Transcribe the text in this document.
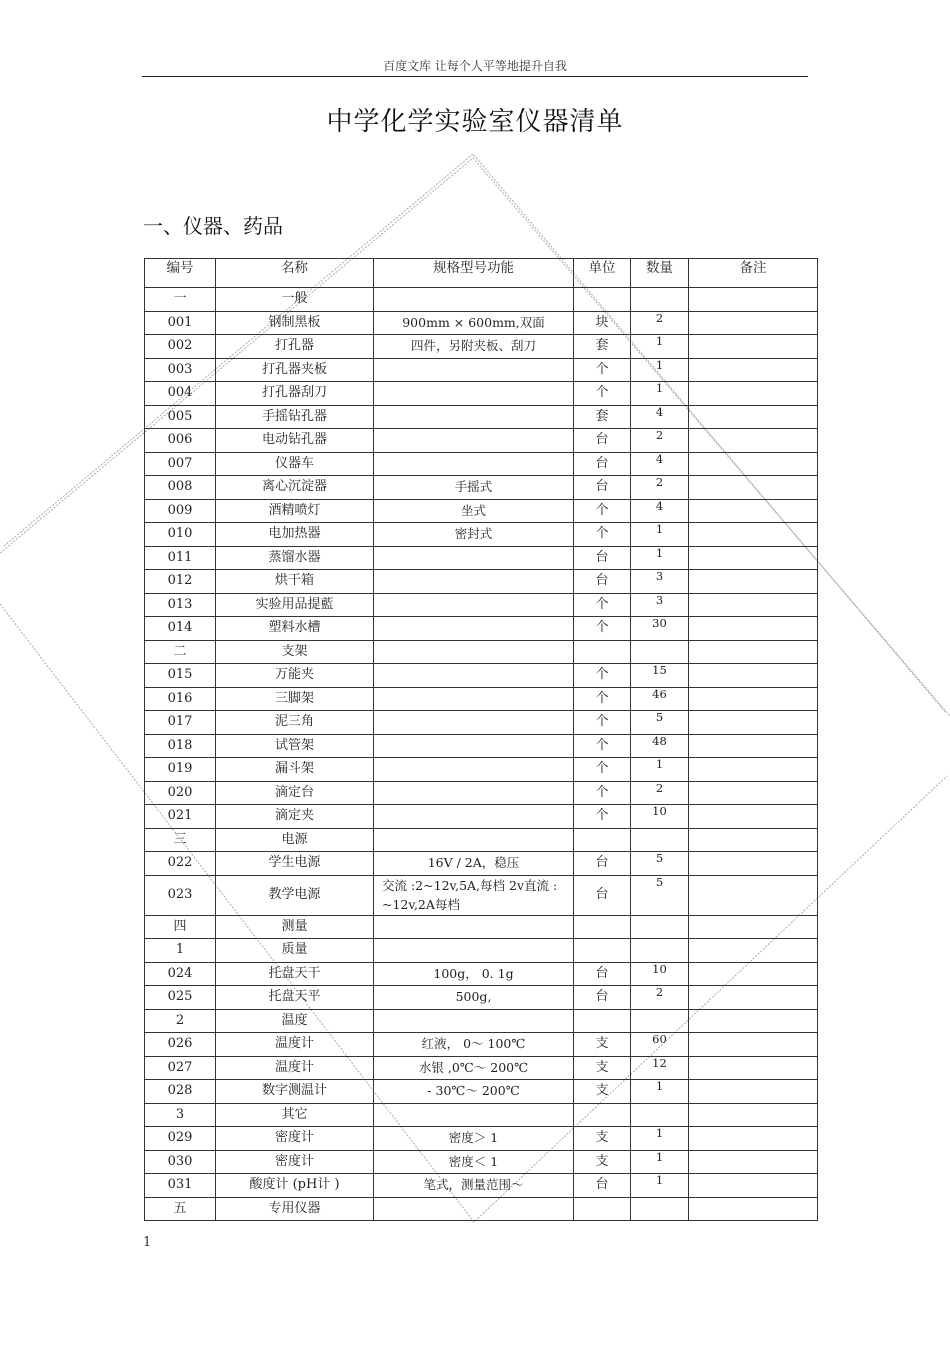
百度文库 让每个人平等地提升自我
中学化学实验室仪器清单
一、仪器、药品
编号	名称	规格型号功能	单位	数量	备注
一	一般				
001	钢制黑板	900mm × 600mm,双面	块	2	
002	打孔器	四件，另附夹板、刮刀	套	1	
003	打孔器夹板		个	1	
004	打孔器刮刀		个	1	
005	手摇钻孔器		套	4	
006	电动钻孔器		台	2	
007	仪器车		台	4	
008	离心沉淀器	手摇式	台	2	
009	酒精喷灯	坐式	个	4	
010	电加热器	密封式	个	1	
011	蒸馏水器		台	1	
012	烘干箱		台	3	
013	实验用品提藍		个	3	
014	塑料水槽		个	30	
二	支架				
015	万能夹		个	15	
016	三脚架		个	46	
017	泥三角		个	5	
018	试管架		个	48	
019	漏斗架		个	1	
020	滴定台		个	2	
021	滴定夹		个	10	
三	电源				
022	学生电源	16V / 2A，稳压	台	5	
023	教学电源	交流 :2~12v,5A,每档 2v直流 : ~12v,2A每档	台	5	
四	测量				
1	质量				
024	托盘天干	100g， 0. 1g	台	10	
025	托盘天平	500g,	台	2	
2	温度				
026	温度计	红液， 0～ 100℃	支	60	
027	温度计	水银 ,0℃～ 200℃	支	12	
028	数字测温计	- 30℃～ 200℃	支	1	
3	其它				
029	密度计	密度＞ 1	支	1	
030	密度计	密度＜ 1	支	1	
031	酸度计 (pH计 )	笔式，测量范围～	台	1	
五	专用仪器				
1
